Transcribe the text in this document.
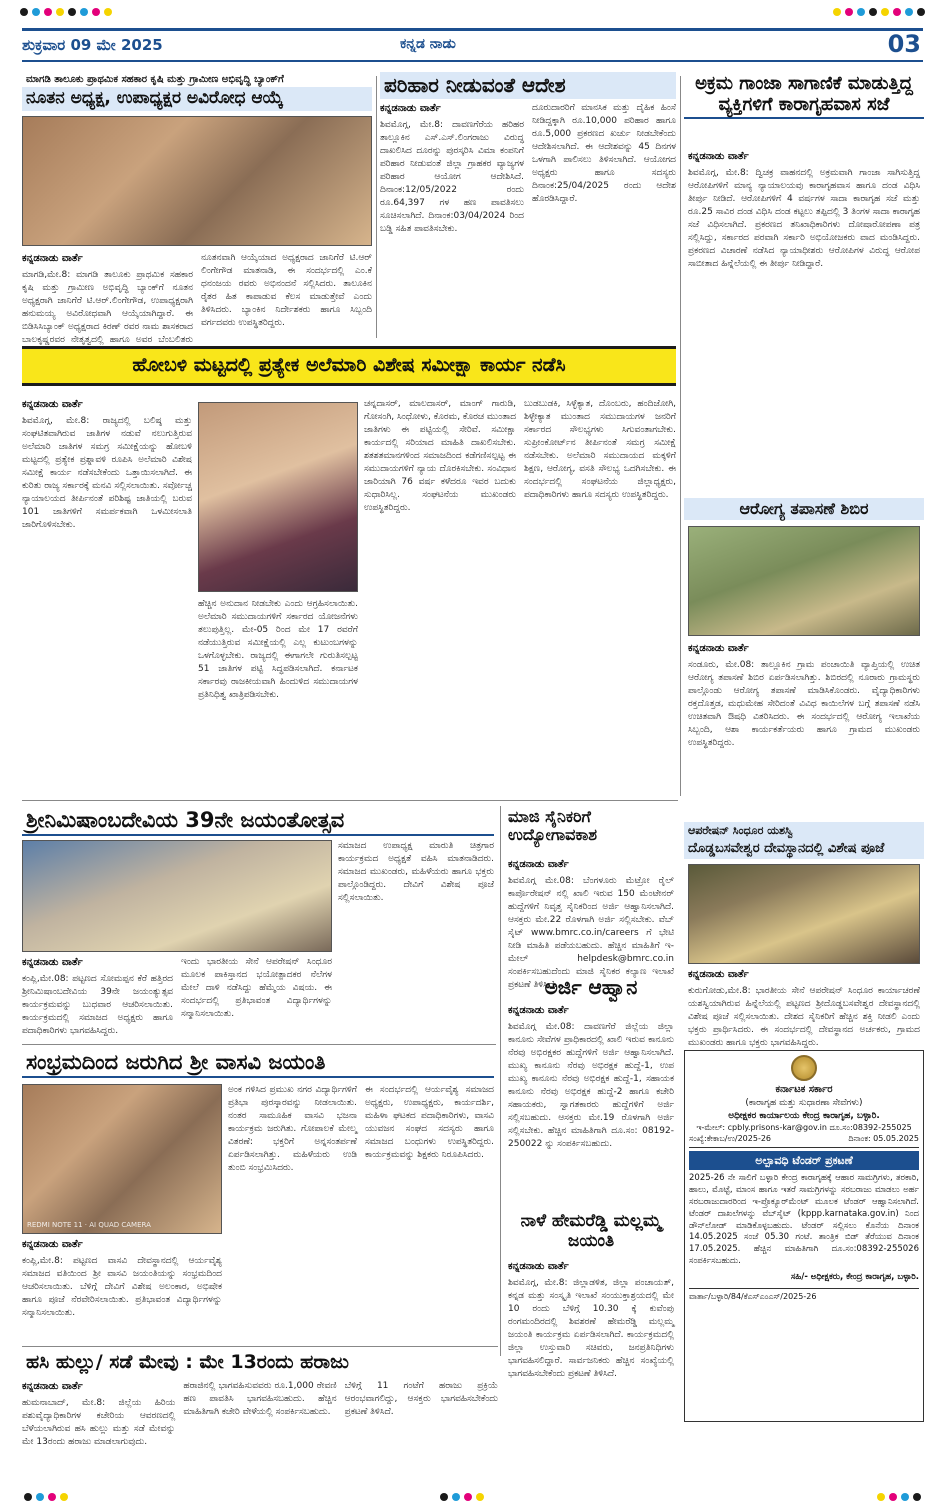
ಶುಕ್ರವಾರ 09 ಮೇ 2025	ಕನ್ನಡ ನಾಡು	03
ಮಾಗಡಿ ತಾಲೂಕು ಪ್ರಾಥಮಿಕ ಸಹಕಾರ ಕೃಷಿ ಮತ್ತು ಗ್ರಾಮೀಣ ಅಭಿವೃದ್ಧಿ ಬ್ಯಾಂಕ್‌ಗೆ
ನೂತನ ಅಧ್ಯಕ್ಷ, ಉಪಾಧ್ಯಕ್ಷರ ಅವಿರೋಧ ಆಯ್ಕೆ
ಕನ್ನಡನಾಡು ವಾರ್ತೆ
ಮಾಗಡಿ,ಮೇ.8: ಮಾಗಡಿ ತಾಲೂಕು ಪ್ರಾಥಮಿಕ ಸಹಕಾರ ಕೃಷಿ ಮತ್ತು ಗ್ರಾಮೀಣ ಅಭಿವೃದ್ಧಿ ಬ್ಯಾಂಕ್‌ಗೆ ನೂತನ ಅಧ್ಯಕ್ಷರಾಗಿ ಜಾನಿಗೆರೆ ಟಿ.ಆರ್.ಲಿಂಗೇಗೌಡ, ಉಪಾಧ್ಯಕ್ಷರಾಗಿ ಹನುಮಯ್ಯ ಅವಿರೋಧವಾಗಿ ಆಯ್ಕೆಯಾಗಿದ್ದಾರೆ. ಈ ಬಿಡಿಸಿಸಿಬ್ಯಾಂಕ್ ಅಧ್ಯಕ್ಷರಾದ ಕಿರಣ್ ರವರ ನಾಮ ಶಾಸಕರಾದ ಬಾಲಕೃಷ್ಣರವರ ನೇತೃತ್ವದಲ್ಲಿ ಹಾಗೂ ಅವರ ಬೆಂಬಲಿತರು
ನೂತನವಾಗಿ ಆಯ್ಕೆಯಾದ ಅಧ್ಯಕ್ಷರಾದ ಜಾನಿಗೆರೆ ಟಿ.ಆರ್ ಲಿಂಗೇಗೌಡ ಮಾತನಾಡಿ, ಈ ಸಂದರ್ಭದಲ್ಲಿ ಎಂ.ಕೆ ಧನಂಜಯ ರವರು ಅಭಿನಂದನೆ ಸಲ್ಲಿಸಿದರು. ತಾಲೂಕಿನ ರೈತರ ಹಿತ ಕಾಪಾಡುವ ಕೆಲಸ ಮಾಡುತ್ತೇವೆ ಎಂದು ತಿಳಿಸಿದರು. ಬ್ಯಾಂಕಿನ ನಿರ್ದೇಶಕರು ಹಾಗೂ ಸಿಬ್ಬಂದಿ ವರ್ಗದವರು ಉಪಸ್ಥಿತರಿದ್ದರು.
ಪರಿಹಾರ ನೀಡುವಂತೆ ಆದೇಶ
ಕನ್ನಡನಾಡು ವಾರ್ತೆ
ಶಿವಮೊಗ್ಗ, ಮೇ.8: ದಾವಣಗೆರೆಯ ಹರಿಹರ ತಾಲ್ಲೂಕಿನ ಎಸ್.ಎಸ್.ಲಿಂಗರಾಜು ವಿರುದ್ಧ ದಾಖಲಿಸಿದ ದೂರನ್ನು ಪುರಸ್ಕರಿಸಿ ವಿಮಾ ಕಂಪನಿಗೆ ಪರಿಹಾರ ನೀಡುವಂತೆ ಜಿಲ್ಲಾ ಗ್ರಾಹಕರ ವ್ಯಾಜ್ಯಗಳ ಪರಿಹಾರ ಆಯೋಗ ಆದೇಶಿಸಿದೆ. ದಿನಾಂಕ:12/05/2022 ರಂದು ರೂ.64,397 ಗಳ ಹಣ ಪಾವತಿಸಲು ಸೂಚಿಸಲಾಗಿದೆ. ದಿನಾಂಕ:03/04/2024 ರಿಂದ ಬಡ್ಡಿ ಸಹಿತ ಪಾವತಿಸಬೇಕು.
ದೂರುದಾರರಿಗೆ ಮಾನಸಿಕ ಮತ್ತು ದೈಹಿಕ ಹಿಂಸೆ ನೀಡಿದ್ದಕ್ಕಾಗಿ ರೂ.10,000 ಪರಿಹಾರ ಹಾಗೂ ರೂ.5,000 ಪ್ರಕರಣದ ಖರ್ಚು ನೀಡಬೇಕೆಂದು ಆದೇಶಿಸಲಾಗಿದೆ. ಈ ಆದೇಶವನ್ನು 45 ದಿನಗಳ ಒಳಗಾಗಿ ಪಾಲಿಸಲು ತಿಳಿಸಲಾಗಿದೆ. ಆಯೋಗದ ಅಧ್ಯಕ್ಷರು ಹಾಗೂ ಸದಸ್ಯರು ದಿನಾಂಕ:25/04/2025 ರಂದು ಆದೇಶ ಹೊರಡಿಸಿದ್ದಾರೆ.
ಅಕ್ರಮ ಗಾಂಜಾ ಸಾಗಾಣಿಕೆ ಮಾಡುತ್ತಿದ್ದ ವ್ಯಕ್ತಿಗಳಿಗೆ ಕಾರಾಗೃಹವಾಸ ಸಜೆ
ಕನ್ನಡನಾಡು ವಾರ್ತೆ
ಶಿವಮೊಗ್ಗ, ಮೇ.8: ದ್ವಿಚಕ್ರ ವಾಹನದಲ್ಲಿ ಅಕ್ರಮವಾಗಿ ಗಾಂಜಾ ಸಾಗಿಸುತ್ತಿದ್ದ ಆರೋಪಿಗಳಿಗೆ ಮಾನ್ಯ ನ್ಯಾಯಾಲಯವು ಕಾರಾಗೃಹವಾಸ ಹಾಗೂ ದಂಡ ವಿಧಿಸಿ ತೀರ್ಪು ನೀಡಿದೆ. ಆರೋಪಿಗಳಿಗೆ 4 ವರ್ಷಗಳ ಸಾದಾ ಕಾರಾಗೃಹ ಸಜೆ ಮತ್ತು ರೂ.25 ಸಾವಿರ ದಂಡ ವಿಧಿಸಿ ದಂಡ ಕಟ್ಟಲು ತಪ್ಪಿದಲ್ಲಿ 3 ತಿಂಗಳ ಸಾದಾ ಕಾರಾಗೃಹ ಸಜೆ ವಿಧಿಸಲಾಗಿದೆ. ಪ್ರಕರಣದ ತನಿಖಾಧಿಕಾರಿಗಳು ದೋಷಾರೋಪಣಾ ಪತ್ರ ಸಲ್ಲಿಸಿದ್ದು, ಸರ್ಕಾರದ ಪರವಾಗಿ ಸರ್ಕಾರಿ ಅಭಿಯೋಜಕರು ವಾದ ಮಂಡಿಸಿದ್ದರು. ಪ್ರಕರಣದ ವಿಚಾರಣೆ ನಡೆಸಿದ ನ್ಯಾಯಾಧೀಶರು ಆರೋಪಿಗಳ ವಿರುದ್ಧ ಆರೋಪ ಸಾಬೀತಾದ ಹಿನ್ನೆಲೆಯಲ್ಲಿ ಈ ತೀರ್ಪು ನೀಡಿದ್ದಾರೆ.
ಹೋಬಳಿ ಮಟ್ಟದಲ್ಲಿ ಪ್ರತ್ಯೇಕ ಅಲೆಮಾರಿ ವಿಶೇಷ ಸಮೀಕ್ಷಾ ಕಾರ್ಯ ನಡೆಸಿ
ಕನ್ನಡನಾಡು ವಾರ್ತೆ
ಶಿವಮೊಗ್ಗ, ಮೇ.8: ರಾಜ್ಯದಲ್ಲಿ ಬಲಿಷ್ಠ ಮತ್ತು ಸಂಘಟಿತವಾಗಿರುವ ಜಾತಿಗಳ ನಡುವೆ ನಲುಗುತ್ತಿರುವ ಅಲೆಮಾರಿ ಜಾತಿಗಳ ಸಮಗ್ರ ಸಮೀಕ್ಷೆಯನ್ನು ಹೋಬಳಿ ಮಟ್ಟದಲ್ಲಿ ಪ್ರತ್ಯೇಕ ಪ್ರಶ್ನಾವಳಿ ರೂಪಿಸಿ ಅಲೆಮಾರಿ ವಿಶೇಷ ಸಮೀಕ್ಷೆ ಕಾರ್ಯ ನಡೆಸಬೇಕೆಂದು ಒತ್ತಾಯಿಸಲಾಗಿದೆ. ಈ ಕುರಿತು ರಾಜ್ಯ ಸರ್ಕಾರಕ್ಕೆ ಮನವಿ ಸಲ್ಲಿಸಲಾಯಿತು. ಸರ್ವೋಚ್ಚ ನ್ಯಾಯಾಲಯದ ತೀರ್ಪಿನಂತೆ ಪರಿಶಿಷ್ಟ ಜಾತಿಯಲ್ಲಿ ಬರುವ 101 ಜಾತಿಗಳಿಗೆ ಸಮರ್ಪಕವಾಗಿ ಒಳಮೀಸಲಾತಿ ಜಾರಿಗೊಳಿಸಬೇಕು.
ಹೆಚ್ಚಿನ ಅನುದಾನ ನೀಡಬೇಕು ಎಂದು ಆಗ್ರಹಿಸಲಾಯಿತು. ಅಲೆಮಾರಿ ಸಮುದಾಯಗಳಿಗೆ ಸರ್ಕಾರದ ಯೋಜನೆಗಳು ತಲುಪುತ್ತಿಲ್ಲ. ಮೇ-05 ರಿಂದ ಮೇ 17 ರವರೆಗೆ ನಡೆಯುತ್ತಿರುವ ಸಮೀಕ್ಷೆಯಲ್ಲಿ ಎಲ್ಲ ಕುಟುಂಬಗಳನ್ನು ಒಳಗೊಳ್ಳಬೇಕು. ರಾಜ್ಯದಲ್ಲಿ ಈಗಾಗಲೇ ಗುರುತಿಸಲ್ಪಟ್ಟ 51 ಜಾತಿಗಳ ಪಟ್ಟಿ ಸಿದ್ಧಪಡಿಸಲಾಗಿದೆ. ಕರ್ನಾಟಕ ಸರ್ಕಾರವು ರಾಜಕೀಯವಾಗಿ ಹಿಂದುಳಿದ ಸಮುದಾಯಗಳ ಪ್ರತಿನಿಧಿತ್ವ ಖಾತ್ರಿಪಡಿಸಬೇಕು.
ಚನ್ನದಾಸರ್, ಮಾಲದಾಸರ್, ಮಾಂಗ್ ಗಾರುಡಿ, ಗೋಸಂಗಿ, ಸಿಂಧೋಳು, ಕೊರಮ, ಕೊರಚ ಮುಂತಾದ ಜಾತಿಗಳು ಈ ಪಟ್ಟಿಯಲ್ಲಿ ಸೇರಿವೆ. ಸಮೀಕ್ಷಾ ಕಾರ್ಯದಲ್ಲಿ ಸರಿಯಾದ ಮಾಹಿತಿ ದಾಖಲಿಸಬೇಕು. ಶತಶತಮಾನಗಳಿಂದ ಸಮಾಜದಿಂದ ಕಡೆಗಣಿಸಲ್ಪಟ್ಟ ಈ ಸಮುದಾಯಗಳಿಗೆ ನ್ಯಾಯ ದೊರಕಿಸಬೇಕು. ಸಂವಿಧಾನ ಜಾರಿಯಾಗಿ 76 ವರ್ಷ ಕಳೆದರೂ ಇವರ ಬದುಕು ಸುಧಾರಿಸಿಲ್ಲ. ಸಂಘಟನೆಯ ಮುಖಂಡರು ಉಪಸ್ಥಿತರಿದ್ದರು.
ಬುಡಬುಡಕಿ, ಸಿಳ್ಳೆಕ್ಯಾತ, ದೊಂಬರು, ಹಂದಿಜೋಗಿ, ಶಿಳ್ಳೇಕ್ಯಾತ ಮುಂತಾದ ಸಮುದಾಯಗಳ ಜನರಿಗೆ ಸರ್ಕಾರದ ಸೌಲಭ್ಯಗಳು ಸಿಗುವಂತಾಗಬೇಕು. ಸುಪ್ರೀಂಕೋರ್ಟ್‌ನ ತೀರ್ಪಿನಂತೆ ಸಮಗ್ರ ಸಮೀಕ್ಷೆ ನಡೆಸಬೇಕು. ಅಲೆಮಾರಿ ಸಮುದಾಯದ ಮಕ್ಕಳಿಗೆ ಶಿಕ್ಷಣ, ಆರೋಗ್ಯ, ವಸತಿ ಸೌಲಭ್ಯ ಒದಗಿಸಬೇಕು. ಈ ಸಂದರ್ಭದಲ್ಲಿ ಸಂಘಟನೆಯ ಜಿಲ್ಲಾಧ್ಯಕ್ಷರು, ಪದಾಧಿಕಾರಿಗಳು ಹಾಗೂ ಸದಸ್ಯರು ಉಪಸ್ಥಿತರಿದ್ದರು.
ಆರೋಗ್ಯ ತಪಾಸಣೆ ಶಿಬಿರ
ಕನ್ನಡನಾಡು ವಾರ್ತೆ
ಸಂಡೂರು, ಮೇ.08: ತಾಲ್ಲೂಕಿನ ಗ್ರಾಮ ಪಂಚಾಯಿತಿ ವ್ಯಾಪ್ತಿಯಲ್ಲಿ ಉಚಿತ ಆರೋಗ್ಯ ತಪಾಸಣೆ ಶಿಬಿರ ಏರ್ಪಡಿಸಲಾಗಿತ್ತು. ಶಿಬಿರದಲ್ಲಿ ನೂರಾರು ಗ್ರಾಮಸ್ಥರು ಪಾಲ್ಗೊಂಡು ಆರೋಗ್ಯ ತಪಾಸಣೆ ಮಾಡಿಸಿಕೊಂಡರು. ವೈದ್ಯಾಧಿಕಾರಿಗಳು ರಕ್ತದೊತ್ತಡ, ಮಧುಮೇಹ ಸೇರಿದಂತೆ ವಿವಿಧ ಕಾಯಿಲೆಗಳ ಬಗ್ಗೆ ತಪಾಸಣೆ ನಡೆಸಿ ಉಚಿತವಾಗಿ ಔಷಧಿ ವಿತರಿಸಿದರು. ಈ ಸಂದರ್ಭದಲ್ಲಿ ಆರೋಗ್ಯ ಇಲಾಖೆಯ ಸಿಬ್ಬಂದಿ, ಆಶಾ ಕಾರ್ಯಕರ್ತೆಯರು ಹಾಗೂ ಗ್ರಾಮದ ಮುಖಂಡರು ಉಪಸ್ಥಿತರಿದ್ದರು.
ಶ್ರೀನಿಮಿಷಾಂಬದೇವಿಯ 39ನೇ ಜಯಂತೋತ್ಸವ
ಸಮಾಜದ ಉಪಾಧ್ಯಕ್ಷ ಮಾರುತಿ ಚಿತ್ರಗಾರ ಕಾರ್ಯಕ್ರಮದ ಅಧ್ಯಕ್ಷತೆ ವಹಿಸಿ ಮಾತನಾಡಿದರು. ಸಮಾಜದ ಮುಖಂಡರು, ಮಹಿಳೆಯರು ಹಾಗೂ ಭಕ್ತರು ಪಾಲ್ಗೊಂಡಿದ್ದರು. ದೇವಿಗೆ ವಿಶೇಷ ಪೂಜೆ ಸಲ್ಲಿಸಲಾಯಿತು.
ಕನ್ನಡನಾಡು ವಾರ್ತೆ
ಕಂಪ್ಲಿ,ಮೇ.08: ಪಟ್ಟಣದ ಸೋಮಪ್ಪನ ಕೆರೆ ಹತ್ತಿರದ ಶ್ರೀನಿಮಿಷಾಂಬದೇವಿಯ 39ನೇ ಜಯಂತ್ಯುತ್ಸವ ಕಾರ್ಯಕ್ರಮವನ್ನು ಬುಧವಾರ ಆಚರಿಸಲಾಯಿತು. ಕಾರ್ಯಕ್ರಮದಲ್ಲಿ ಸಮಾಜದ ಅಧ್ಯಕ್ಷರು ಹಾಗೂ ಪದಾಧಿಕಾರಿಗಳು ಭಾಗವಹಿಸಿದ್ದರು.
ಇಂದು ಭಾರತೀಯ ಸೇನೆ ಆಪರೇಷನ್ ಸಿಂಧೂರ ಮೂಲಕ ಪಾಕಿಸ್ತಾನದ ಭಯೋತ್ಪಾದಕರ ನೆಲೆಗಳ ಮೇಲೆ ದಾಳಿ ನಡೆಸಿದ್ದು ಹೆಮ್ಮೆಯ ವಿಷಯ. ಈ ಸಂದರ್ಭದಲ್ಲಿ ಪ್ರತಿಭಾವಂತ ವಿದ್ಯಾರ್ಥಿಗಳನ್ನು ಸನ್ಮಾನಿಸಲಾಯಿತು.
ಮಾಜಿ ಸೈನಿಕರಿಗೆ ಉದ್ಯೋಗಾವಕಾಶ
ಕನ್ನಡನಾಡು ವಾರ್ತೆ
ಶಿವಮೊಗ್ಗ ಮೇ.08: ಬೆಂಗಳೂರು ಮೆಟ್ರೋ ರೈಲ್ ಕಾರ್ಪೊರೇಷನ್ ನಲ್ಲಿ ಖಾಲಿ ಇರುವ 150 ಮೆಂಟೇನರ್ ಹುದ್ದೆಗಳಿಗೆ ನಿವೃತ್ತ ಸೈನಿಕರಿಂದ ಅರ್ಜಿ ಆಹ್ವಾನಿಸಲಾಗಿದೆ. ಆಸಕ್ತರು ಮೇ.22 ರೊಳಗಾಗಿ ಅರ್ಜಿ ಸಲ್ಲಿಸಬೇಕು. ವೆಬ್ ಸೈಟ್ www.bmrc.co.in/careers ಗೆ ಭೇಟಿ ನೀಡಿ ಮಾಹಿತಿ ಪಡೆಯಬಹುದು. ಹೆಚ್ಚಿನ ಮಾಹಿತಿಗೆ ಇ-ಮೇಲ್ helpdesk@bmrc.co.in ಸಂಪರ್ಕಿಸಬಹುದೆಂದು ಮಾಜಿ ಸೈನಿಕರ ಕಲ್ಯಾಣ ಇಲಾಖೆ ಪ್ರಕಟಣೆ ತಿಳಿಸಿದೆ.
ಆಪರೇಷನ್ ಸಿಂಧೂರ ಯಶಸ್ವಿ
ದೊಡ್ಡಬಸವೇಶ್ವರ ದೇವಸ್ಥಾನದಲ್ಲಿ ವಿಶೇಷ ಪೂಜೆ
ಕನ್ನಡನಾಡು ವಾರ್ತೆ
ಕುರುಗೋಡು,ಮೇ.8: ಭಾರತೀಯ ಸೇನೆ ಆಪರೇಷನ್ ಸಿಂಧೂರ ಕಾರ್ಯಾಚರಣೆ ಯಶಸ್ವಿಯಾಗಿರುವ ಹಿನ್ನೆಲೆಯಲ್ಲಿ ಪಟ್ಟಣದ ಶ್ರೀದೊಡ್ಡಬಸವೇಶ್ವರ ದೇವಸ್ಥಾನದಲ್ಲಿ ವಿಶೇಷ ಪೂಜೆ ಸಲ್ಲಿಸಲಾಯಿತು. ದೇಶದ ಸೈನಿಕರಿಗೆ ಹೆಚ್ಚಿನ ಶಕ್ತಿ ನೀಡಲಿ ಎಂದು ಭಕ್ತರು ಪ್ರಾರ್ಥಿಸಿದರು. ಈ ಸಂದರ್ಭದಲ್ಲಿ ದೇವಸ್ಥಾನದ ಅರ್ಚಕರು, ಗ್ರಾಮದ ಮುಖಂಡರು ಹಾಗೂ ಭಕ್ತರು ಭಾಗವಹಿಸಿದ್ದರು.
ಅರ್ಜಿ ಆಹ್ವಾನ
ಕನ್ನಡನಾಡು ವಾರ್ತೆ
ಶಿವಮೊಗ್ಗ ಮೇ.08: ದಾವಣಗೆರೆ ಜಿಲ್ಲೆಯ ಜಿಲ್ಲಾ ಕಾನೂನು ಸೇವೆಗಳ ಪ್ರಾಧಿಕಾರದಲ್ಲಿ ಖಾಲಿ ಇರುವ ಕಾನೂನು ನೆರವು ಅಭಿರಕ್ಷಕರ ಹುದ್ದೆಗಳಿಗೆ ಅರ್ಜಿ ಆಹ್ವಾನಿಸಲಾಗಿದೆ. ಮುಖ್ಯ ಕಾನೂನು ನೆರವು ಅಭಿರಕ್ಷಕ ಹುದ್ದೆ-1, ಉಪ ಮುಖ್ಯ ಕಾನೂನು ನೆರವು ಅಭಿರಕ್ಷಕ ಹುದ್ದೆ-1, ಸಹಾಯಕ ಕಾನೂನು ನೆರವು ಅಭಿರಕ್ಷಕ ಹುದ್ದೆ-2 ಹಾಗೂ ಕಚೇರಿ ಸಹಾಯಕರು, ಸ್ವಾಗತಕಾರರು ಹುದ್ದೆಗಳಿಗೆ ಅರ್ಜಿ ಸಲ್ಲಿಸಬಹುದು. ಆಸಕ್ತರು ಮೇ.19 ರೊಳಗಾಗಿ ಅರ್ಜಿ ಸಲ್ಲಿಸಬೇಕು. ಹೆಚ್ಚಿನ ಮಾಹಿತಿಗಾಗಿ ದೂ.ಸಂ: 08192-250022 ನ್ನು ಸಂಪರ್ಕಿಸಬಹುದು.
ಸಂಭ್ರಮದಿಂದ ಜರುಗಿದ ಶ್ರೀ ವಾಸವಿ ಜಯಂತಿ
REDMI NOTE 11 · AI QUAD CAMERA
ಅಂಕ ಗಳಿಸಿದ ಪ್ರಮುಖ ನಗರ ವಿದ್ಯಾರ್ಥಿಗಳಿಗೆ ಪ್ರತಿಭಾ ಪುರಸ್ಕಾರವನ್ನು ನೀಡಲಾಯಿತು. ನಂತರ ಸಾಮೂಹಿಕ ವಾಸವಿ ಭಜನಾ ಕಾರ್ಯಕ್ರಮ ಜರುಗಿತು. ಗೋಪಾಲಕೆ ಮೇಲ್ಮ ವಿತರಣೆ: ಭಕ್ತರಿಗೆ ಅನ್ನಸಂತರ್ಪಣೆ ಏರ್ಪಡಿಸಲಾಗಿತ್ತು. ಮಹಿಳೆಯರು ಉಡಿ ತುಂಬಿ ಸಂಭ್ರಮಿಸಿದರು.
ಈ ಸಂದರ್ಭದಲ್ಲಿ ಆರ್ಯವೈಶ್ಯ ಸಮಾಜದ ಅಧ್ಯಕ್ಷರು, ಉಪಾಧ್ಯಕ್ಷರು, ಕಾರ್ಯದರ್ಶಿ, ಮಹಿಳಾ ಘಟಕದ ಪದಾಧಿಕಾರಿಗಳು, ವಾಸವಿ ಯುವಜನ ಸಂಘದ ಸದಸ್ಯರು ಹಾಗೂ ಸಮಾಜದ ಬಂಧುಗಳು ಉಪಸ್ಥಿತರಿದ್ದರು. ಕಾರ್ಯಕ್ರಮವನ್ನು ಶಿಕ್ಷಕರು ನಿರೂಪಿಸಿದರು.
ಕನ್ನಡನಾಡು ವಾರ್ತೆ
ಕಂಪ್ಲಿ,ಮೇ.8: ಪಟ್ಟಣದ ವಾಸವಿ ದೇವಸ್ಥಾನದಲ್ಲಿ ಆರ್ಯವೈಶ್ಯ ಸಮಾಜದ ವತಿಯಿಂದ ಶ್ರೀ ವಾಸವಿ ಜಯಂತಿಯನ್ನು ಸಂಭ್ರಮದಿಂದ ಆಚರಿಸಲಾಯಿತು. ಬೆಳಿಗ್ಗೆ ದೇವಿಗೆ ವಿಶೇಷ ಅಲಂಕಾರ, ಅಭಿಷೇಕ ಹಾಗೂ ಪೂಜೆ ನೆರವೇರಿಸಲಾಯಿತು. ಪ್ರತಿಭಾವಂತ ವಿದ್ಯಾರ್ಥಿಗಳನ್ನು ಸನ್ಮಾನಿಸಲಾಯಿತು.
ನಾಳೆ ಹೇಮರೆಡ್ಡಿ ಮಲ್ಲಮ್ಮ ಜಯಂತಿ
ಕನ್ನಡನಾಡು ವಾರ್ತೆ
ಶಿವಮೊಗ್ಗ, ಮೇ.8: ಜಿಲ್ಲಾಡಳಿತ, ಜಿಲ್ಲಾ ಪಂಚಾಯತ್, ಕನ್ನಡ ಮತ್ತು ಸಂಸ್ಕೃತಿ ಇಲಾಖೆ ಸಂಯುಕ್ತಾಶ್ರಯದಲ್ಲಿ ಮೇ 10 ರಂದು ಬೆಳಿಗ್ಗೆ 10.30 ಕ್ಕೆ ಕುವೆಂಪು ರಂಗಮಂದಿರದಲ್ಲಿ ಶಿವಶರಣೆ ಹೇಮರೆಡ್ಡಿ ಮಲ್ಲಮ್ಮ ಜಯಂತಿ ಕಾರ್ಯಕ್ರಮ ಏರ್ಪಡಿಸಲಾಗಿದೆ. ಕಾರ್ಯಕ್ರಮದಲ್ಲಿ ಜಿಲ್ಲಾ ಉಸ್ತುವಾರಿ ಸಚಿವರು, ಜನಪ್ರತಿನಿಧಿಗಳು ಭಾಗವಹಿಸಲಿದ್ದಾರೆ. ಸಾರ್ವಜನಿಕರು ಹೆಚ್ಚಿನ ಸಂಖ್ಯೆಯಲ್ಲಿ ಭಾಗವಹಿಸಬೇಕೆಂದು ಪ್ರಕಟಣೆ ತಿಳಿಸಿದೆ.
ಕರ್ನಾಟಕ ಸರ್ಕಾರ
(ಕಾರಾಗೃಹ ಮತ್ತು ಸುಧಾರಣಾ ಸೇವೆಗಳು)
ಅಧೀಕ್ಷಕರ ಕಾರ್ಯಾಲಯ ಕೇಂದ್ರ ಕಾರಾಗೃಹ, ಬಳ್ಳಾರಿ.
ಇ-ಮೇಲ್: cpbly.prisons-kar@gov.in ದೂ.ಸಂ:08392-255025
ಸಂಖ್ಯೆ:ಕೇಕಾಬ/ಉ/2025-26	ದಿನಾಂಕ: 05.05.2025
ಅಲ್ಪಾವಧಿ ಟೆಂಡರ್ ಪ್ರಕಟಣೆ
2025-26 ನೇ ಸಾಲಿಗೆ ಬಳ್ಳಾರಿ ಕೇಂದ್ರ ಕಾರಾಗೃಹಕ್ಕೆ ಆಹಾರ ಸಾಮಗ್ರಿಗಳು, ತರಕಾರಿ, ಹಾಲು, ಮೊಟ್ಟೆ, ಮಾಂಸ ಹಾಗೂ ಇತರೆ ಸಾಮಗ್ರಿಗಳನ್ನು ಸರಬರಾಜು ಮಾಡಲು ಅರ್ಹ ಸರಬರಾಜುದಾರರಿಂದ ಇ-ಪ್ರೊಕ್ಯೂರ್‌ಮೆಂಟ್ ಮೂಲಕ ಟೆಂಡರ್ ಆಹ್ವಾನಿಸಲಾಗಿದೆ. ಟೆಂಡರ್ ದಾಖಲೆಗಳನ್ನು ವೆಬ್‌ಸೈಟ್ (kppp.karnataka.gov.in) ನಿಂದ ಡೌನ್‌ಲೋಡ್ ಮಾಡಿಕೊಳ್ಳಬಹುದು. ಟೆಂಡರ್ ಸಲ್ಲಿಸಲು ಕೊನೆಯ ದಿನಾಂಕ 14.05.2025 ಸಂಜೆ 05.30 ಗಂಟೆ. ತಾಂತ್ರಿಕ ಬಿಡ್ ತೆರೆಯುವ ದಿನಾಂಕ 17.05.2025. ಹೆಚ್ಚಿನ ಮಾಹಿತಿಗಾಗಿ ದೂ.ಸಂ:08392-255026 ಸಂಪರ್ಕಿಸಬಹುದು.
ಸಹಿ/- ಅಧೀಕ್ಷಕರು, ಕೇಂದ್ರ ಕಾರಾಗೃಹ, ಬಳ್ಳಾರಿ.
ವಾರ್ತಾ/ಬಳ್ಳಾರಿ/84/ಕೆಎಸ್ಎಂಎಸ್/2025-26
ಹಸಿ ಹುಲ್ಲು/ ಸಡೆ ಮೇವು : ಮೇ 13ರಂದು ಹರಾಜು
ಕನ್ನಡನಾಡು ವಾರ್ತೆ
ಹುಮನಾಬಾದ್, ಮೇ.8: ಜಿಲ್ಲೆಯ ಹಿರಿಯ ಪಶುವೈದ್ಯಾಧಿಕಾರಿಗಳ ಕಚೇರಿಯ ಆವರಣದಲ್ಲಿ ಬೆಳೆಯಲಾಗಿರುವ ಹಸಿ ಹುಲ್ಲು ಮತ್ತು ಸಡೆ ಮೇವನ್ನು ಮೇ 13ರಂದು ಹರಾಜು ಮಾಡಲಾಗುವುದು.
ಹರಾಜಿನಲ್ಲಿ ಭಾಗವಹಿಸುವವರು ರೂ.1,000 ಠೇವಣಿ ಹಣ ಪಾವತಿಸಿ ಭಾಗವಹಿಸಬಹುದು. ಹೆಚ್ಚಿನ ಮಾಹಿತಿಗಾಗಿ ಕಚೇರಿ ವೇಳೆಯಲ್ಲಿ ಸಂಪರ್ಕಿಸಬಹುದು.
ಬೆಳಿಗ್ಗೆ 11 ಗಂಟೆಗೆ ಹರಾಜು ಪ್ರಕ್ರಿಯೆ ಆರಂಭವಾಗಲಿದ್ದು, ಆಸಕ್ತರು ಭಾಗವಹಿಸಬೇಕೆಂದು ಪ್ರಕಟಣೆ ತಿಳಿಸಿದೆ.
